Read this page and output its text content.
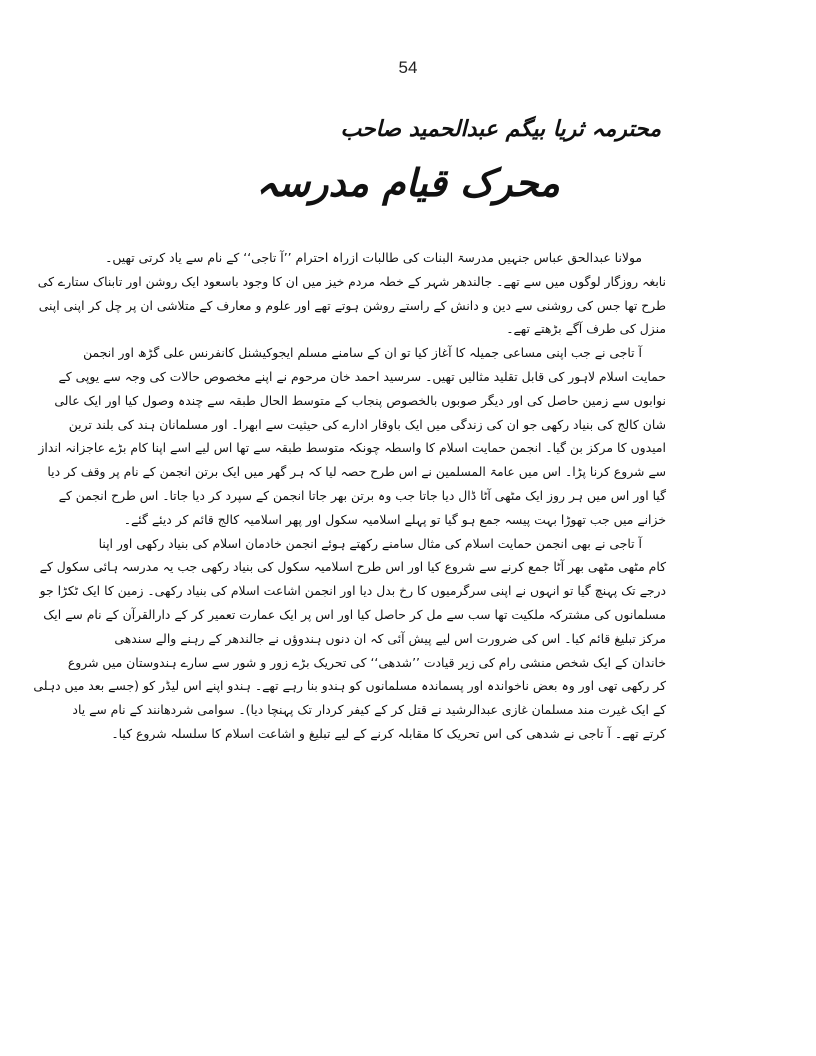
54
محترمہ ثریا بیگم عبدالحمید صاحب
محرک قیام مدرسہ
مولانا عبدالحق عباس جنہیں مدرسۃ البنات کی طالبات ازراہ احترام ’’آ تاجی‘‘ کے نام سے یاد کرتی تھیں۔
نابغہ روزگار لوگوں میں سے تھے۔ جالندھر شہر کے خطہ مردم خیز میں ان کا وجود باسعود ایک روشن اور تابناک ستارے کی
طرح تھا جس کی روشنی سے دین و دانش کے راستے روشن ہوتے تھے اور علوم و معارف کے متلاشی ان پر چل کر اپنی اپنی
منزل کی طرف آگے بڑھتے تھے۔
آ تاجی نے جب اپنی مساعی جمیلہ کا آغاز کیا تو ان کے سامنے مسلم ایجوکیشنل کانفرنس علی گڑھ اور انجمن
حمایت اسلام لاہور کی قابل تقلید مثالیں تھیں۔ سرسید احمد خان مرحوم نے اپنے مخصوص حالات کی وجہ سے یوپی کے
نوابوں سے زمین حاصل کی اور دیگر صوبوں بالخصوص پنجاب کے متوسط الحال طبقہ سے چندہ وصول کیا اور ایک عالی
شان کالج کی بنیاد رکھی جو ان کی زندگی میں ایک باوقار ادارے کی حیثیت سے ابھرا۔ اور مسلمانان ہند کی بلند ترین
امیدوں کا مرکز بن گیا۔ انجمن حمایت اسلام کا واسطہ چونکہ متوسط طبقہ سے تھا اس لیے اسے اپنا کام بڑے عاجزانہ انداز
سے شروع کرنا پڑا۔ اس میں عامۃ المسلمین نے اس طرح حصہ لیا کہ ہر گھر میں ایک برتن انجمن کے نام پر وقف کر دیا
گیا اور اس میں ہر روز ایک مٹھی آٹا ڈال دیا جاتا جب وہ برتن بھر جاتا انجمن کے سپرد کر دیا جاتا۔ اس طرح انجمن کے
خزانے میں جب تھوڑا بہت پیسہ جمع ہو گیا تو پہلے اسلامیہ سکول اور پھر اسلامیہ کالج قائم کر دیئے گئے۔
آ تاجی نے بھی انجمن حمایت اسلام کی مثال سامنے رکھتے ہوئے انجمن خادمان اسلام کی بنیاد رکھی اور اپنا
کام مٹھی مٹھی بھر آٹا جمع کرنے سے شروع کیا اور اس طرح اسلامیہ سکول کی بنیاد رکھی جب یہ مدرسہ ہائی سکول کے
درجے تک پہنچ گیا تو انہوں نے اپنی سرگرمیوں کا رخ بدل دیا اور انجمن اشاعت اسلام کی بنیاد رکھی۔ زمین کا ایک ٹکڑا جو
مسلمانوں کی مشترکہ ملکیت تھا سب سے مل کر حاصل کیا اور اس پر ایک عمارت تعمیر کر کے دارالقرآن کے نام سے ایک
مرکز تبلیغ قائم کیا۔ اس کی ضرورت اس لیے پیش آئی کہ ان دنوں ہندوؤں نے جالندھر کے رہنے والے سندھی
خاندان کے ایک شخص منشی رام کی زیر قیادت ’’شدھی‘‘ کی تحریک بڑے زور و شور سے سارے ہندوستان میں شروع
کر رکھی تھی اور وہ بعض ناخواندہ اور پسماندہ مسلمانوں کو ہندو بنا رہے تھے۔ ہندو اپنے اس لیڈر کو (جسے بعد میں دہلی
کے ایک غیرت مند مسلمان غازی عبدالرشید نے قتل کر کے کیفر کردار تک پہنچا دیا)۔ سوامی شردھانند کے نام سے یاد
کرتے تھے۔ آ تاجی نے شدھی کی اس تحریک کا مقابلہ کرنے کے لیے تبلیغ و اشاعت اسلام کا سلسلہ شروع کیا۔
